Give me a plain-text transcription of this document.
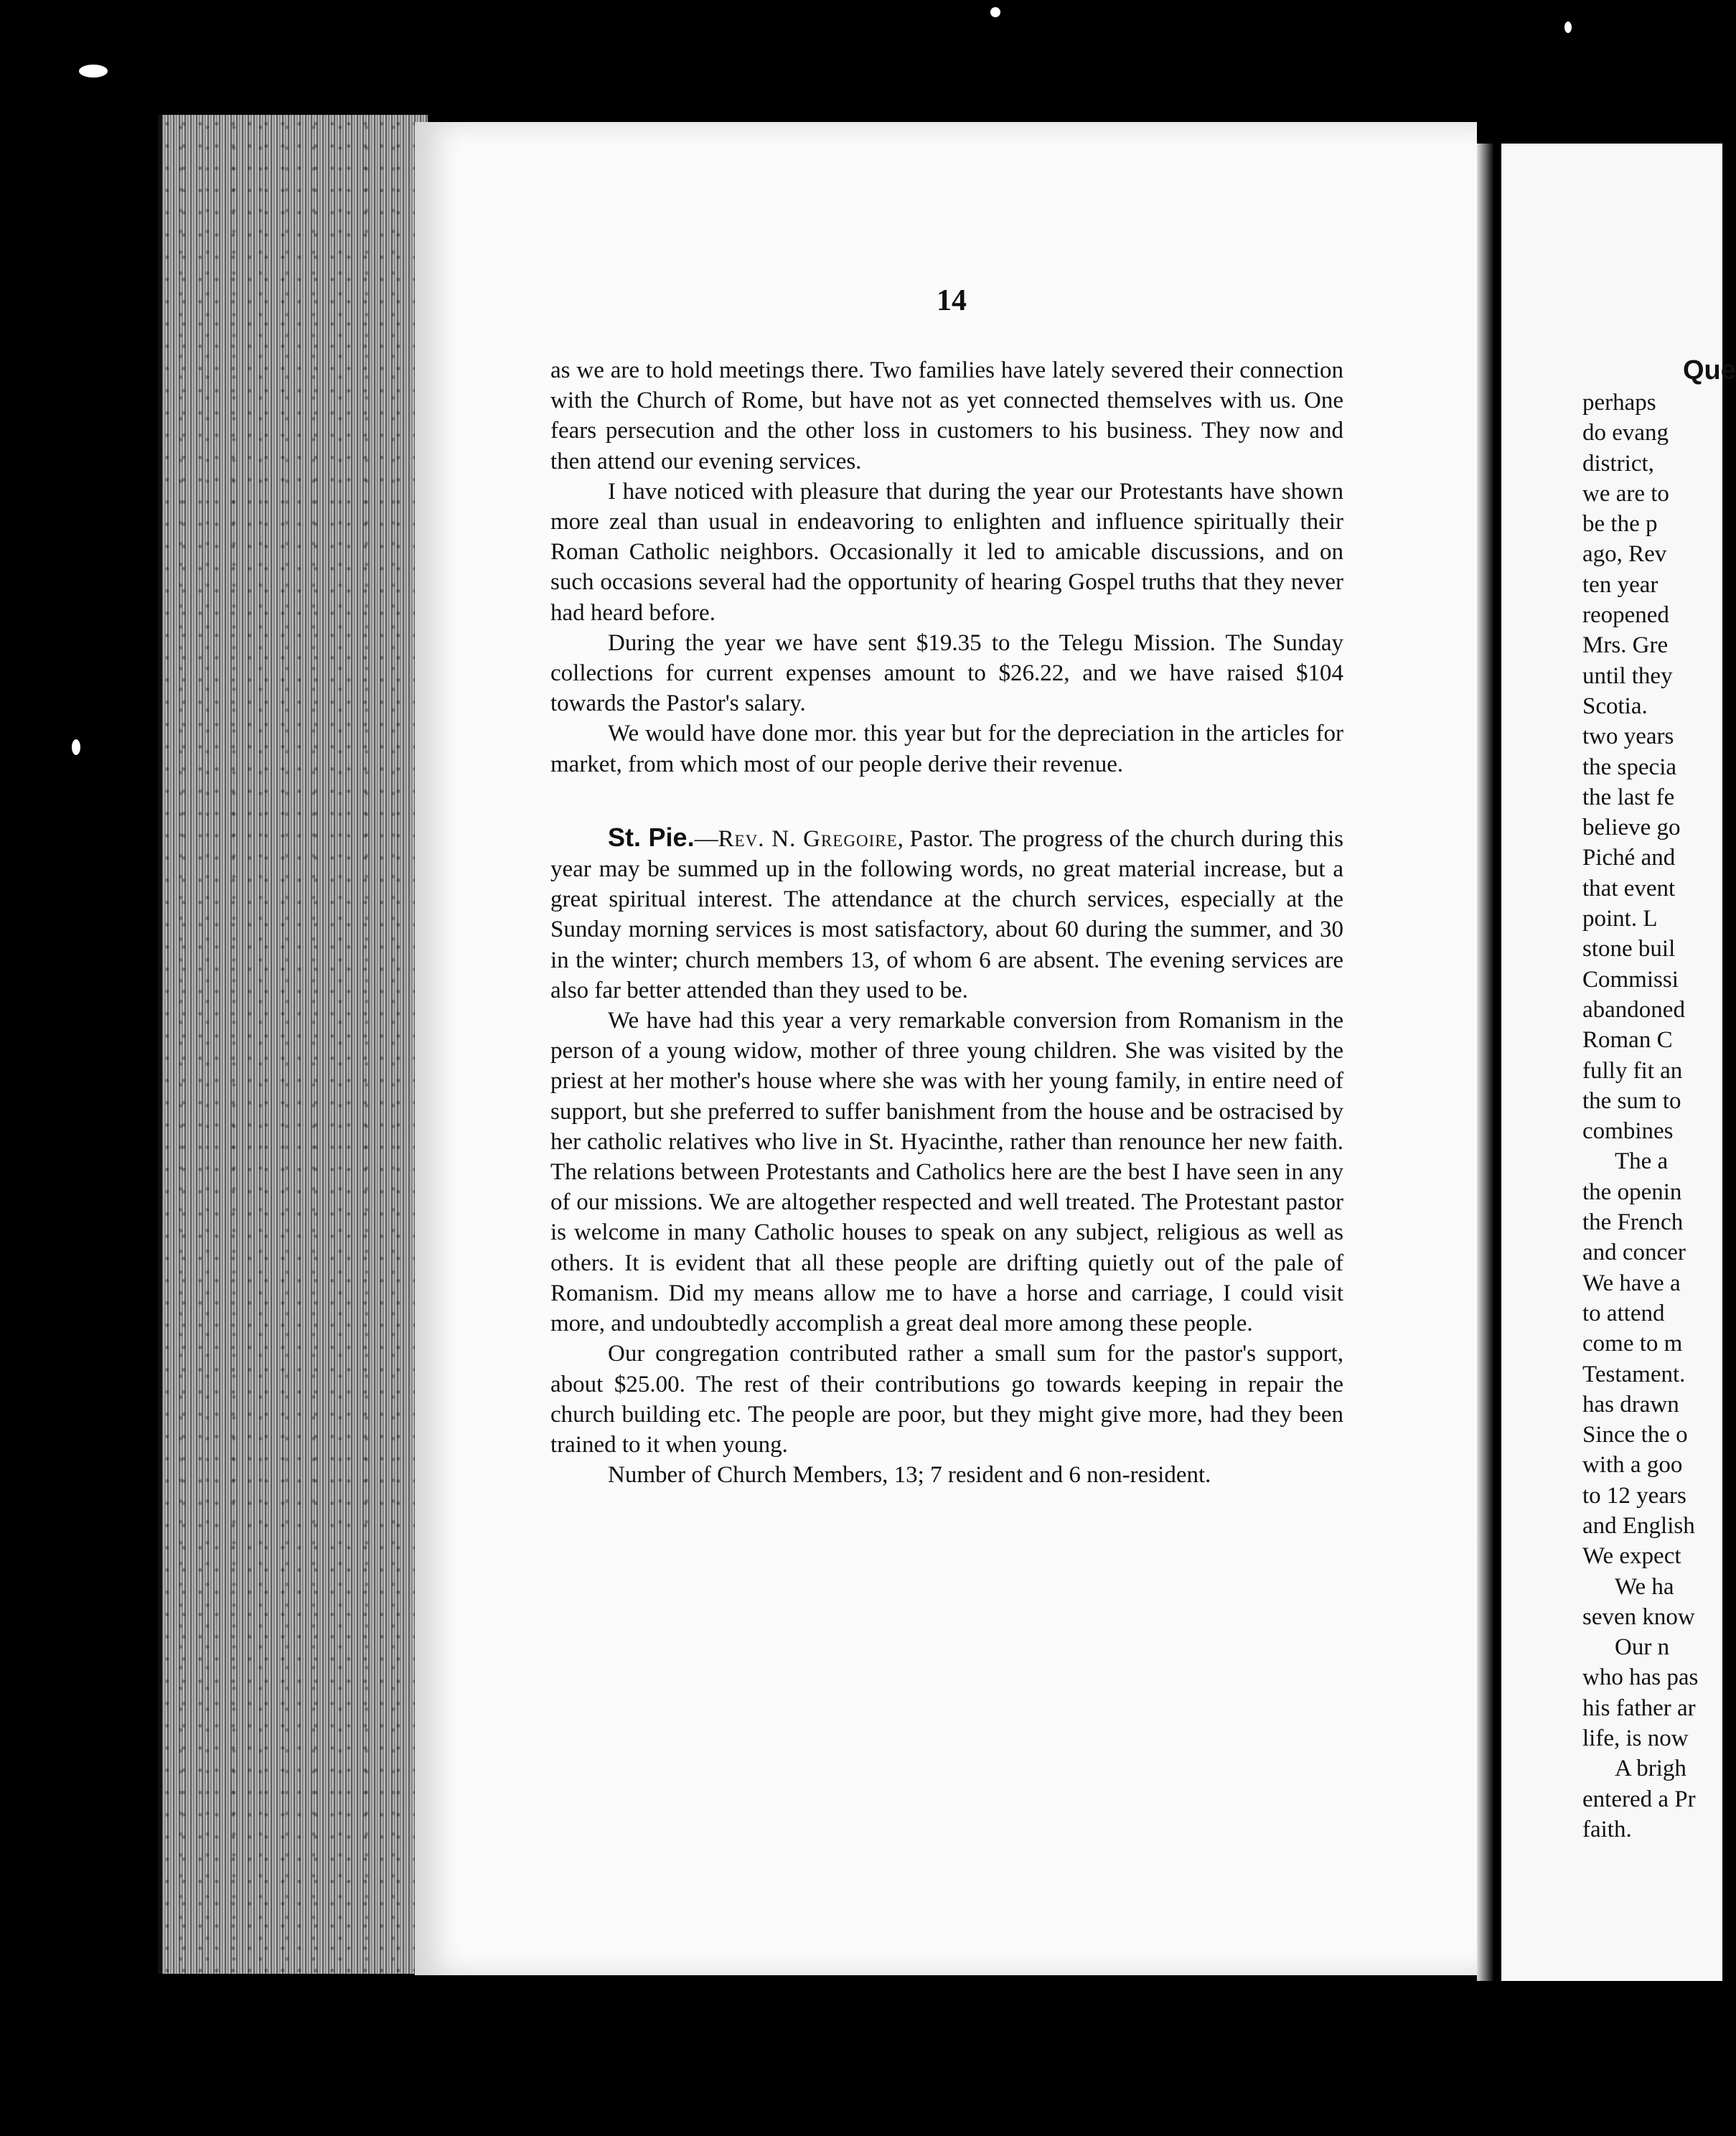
14

as we are to hold meetings there. Two families have lately severed their connection with the Church of Rome, but have not as yet connected themselves with us. One fears persecution and the other loss in customers to his business. They now and then attend our evening services.

I have noticed with pleasure that during the year our Protestants have shown more zeal than usual in endeavoring to enlighten and influence spiritually their Roman Catholic neighbors. Occasionally it led to amicable discussions, and on such occasions several had the opportunity of hearing Gospel truths that they never had heard before.

During the year we have sent $19.35 to the Telegu Mission. The Sunday collections for current expenses amount to $26.22, and we have raised $104 towards the Pastor's salary.

We would have done mor. this year but for the depreciation in the articles for market, from which most of our people derive their revenue.

St. Pie.—Rev. N. Gregoire, Pastor. The progress of the church during this year may be summed up in the following words, no great material increase, but a great spiritual interest. The attendance at the church services, especially at the Sunday morning services is most satisfactory, about 60 during the summer, and 30 in the winter; church members 13, of whom 6 are absent. The evening services are also far better attended than they used to be.

We have had this year a very remarkable conversion from Romanism in the person of a young widow, mother of three young children. She was visited by the priest at her mother's house where she was with her young family, in entire need of support, but she preferred to suffer banishment from the house and be ostracised by her catholic relatives who live in St. Hyacinthe, rather than renounce her new faith. The relations between Protestants and Catholics here are the best I have seen in any of our missions. We are altogether respected and well treated. The Protestant pastor is welcome in many Catholic houses to speak on any subject, religious as well as others. It is evident that all these people are drifting quietly out of the pale of Romanism. Did my means allow me to have a horse and carriage, I could visit more, and undoubtedly accomplish a great deal more among these people.

Our congregation contributed rather a small sum for the pastor's support, about $25.00. The rest of their contributions go towards keeping in repair the church building etc. The people are poor, but they might give more, had they been trained to it when young.

Number of Church Members, 13; 7 resident and 6 non-resident.

Que
perhaps
do evang
district,
we are to
be the p
ago, Rev
ten year
reopened
Mrs. Gre
until they
Scotia.
two years
the specia
the last fe
believe go
Piché and
that event
point. L
stone buil
Commissi
abandoned
Roman C
fully fit an
the sum to
combines
The a
the openin
the French
and concer
We have a
to attend
come to m
Testament.
has drawn
Since the o
with a goo
to 12 years
and English
We expect
We ha
seven know
Our n
who has pas
his father ar
life, is now
A brigh
entered a Pr
faith.
